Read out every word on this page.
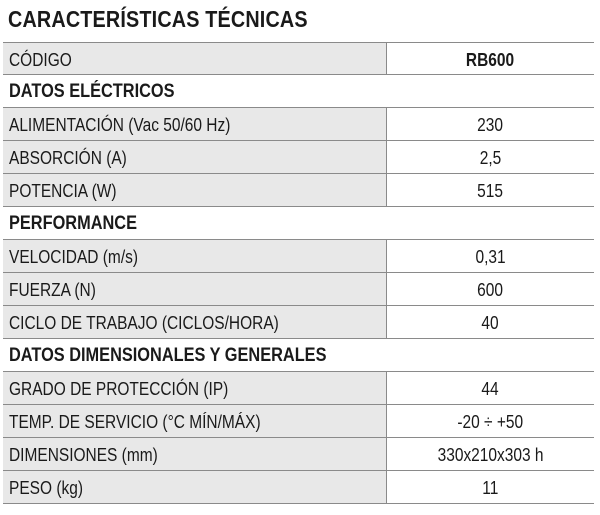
CARACTERÍSTICAS TÉCNICAS
CÓDIGO	RB600
DATOS ELÉCTRICOS
ALIMENTACIÓN (Vac 50/60 Hz)	230
ABSORCIÓN (A)	2,5
POTENCIA (W)	515
PERFORMANCE
VELOCIDAD (m/s)	0,31
FUERZA (N)	600
CICLO DE TRABAJO (CICLOS/HORA)	40
DATOS DIMENSIONALES Y GENERALES
GRADO DE PROTECCIÓN (IP)	44
TEMP. DE SERVICIO (°C MÍN/MÁX)	-20 ÷ +50
DIMENSIONES (mm)	330x210x303 h
PESO (kg)	11
